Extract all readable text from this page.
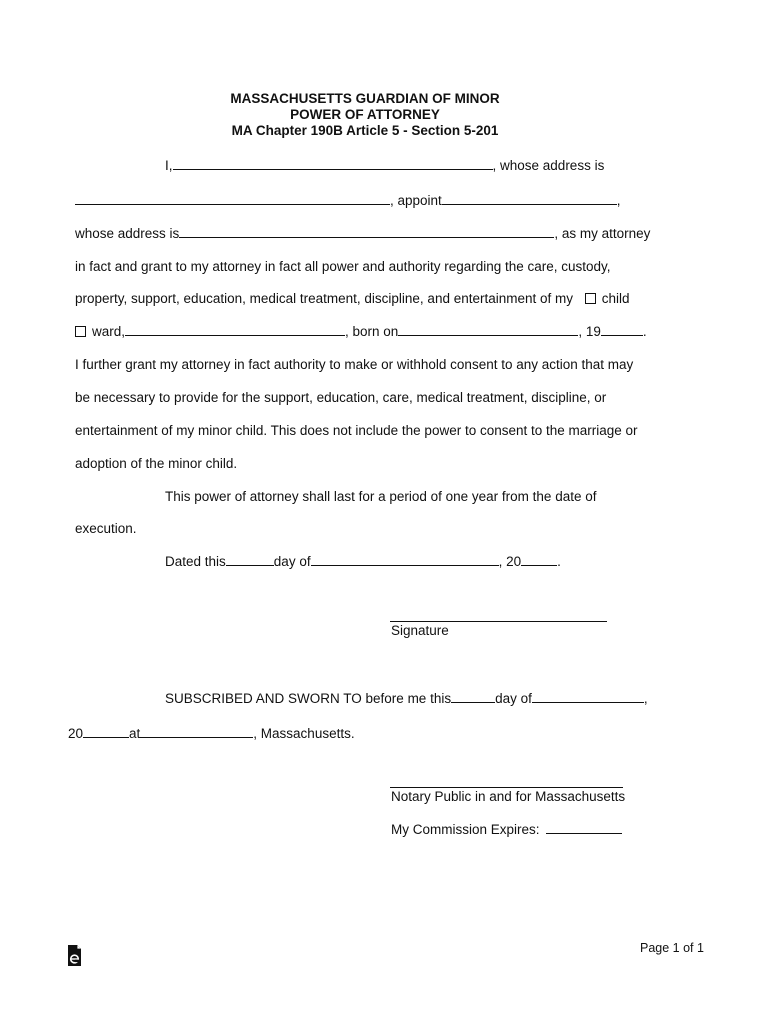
MASSACHUSETTS GUARDIAN OF MINOR
POWER OF ATTORNEY
MA Chapter 190B Article 5 - Section 5-201
I,	, whose address is
, appoint	,
whose address is	, as my attorney
in fact and grant to my attorney in fact all power and authority regarding the care, custody,
property, support, education, medical treatment, discipline, and entertainment of my child
ward,	, born on	, 19	.
I further grant my attorney in fact authority to make or withhold consent to any action that may
be necessary to provide for the support, education, care, medical treatment, discipline, or
entertainment of my minor child. This does not include the power to consent to the marriage or
adoption of the minor child.
This power of attorney shall last for a period of one year from the date of
execution.
Dated this	day of	, 20	.
Signature
SUBSCRIBED AND SWORN TO before me this	day of	,
20	at	, Massachusetts.
Notary Public in and for Massachusetts
My Commission Expires:
Page 1 of 1
